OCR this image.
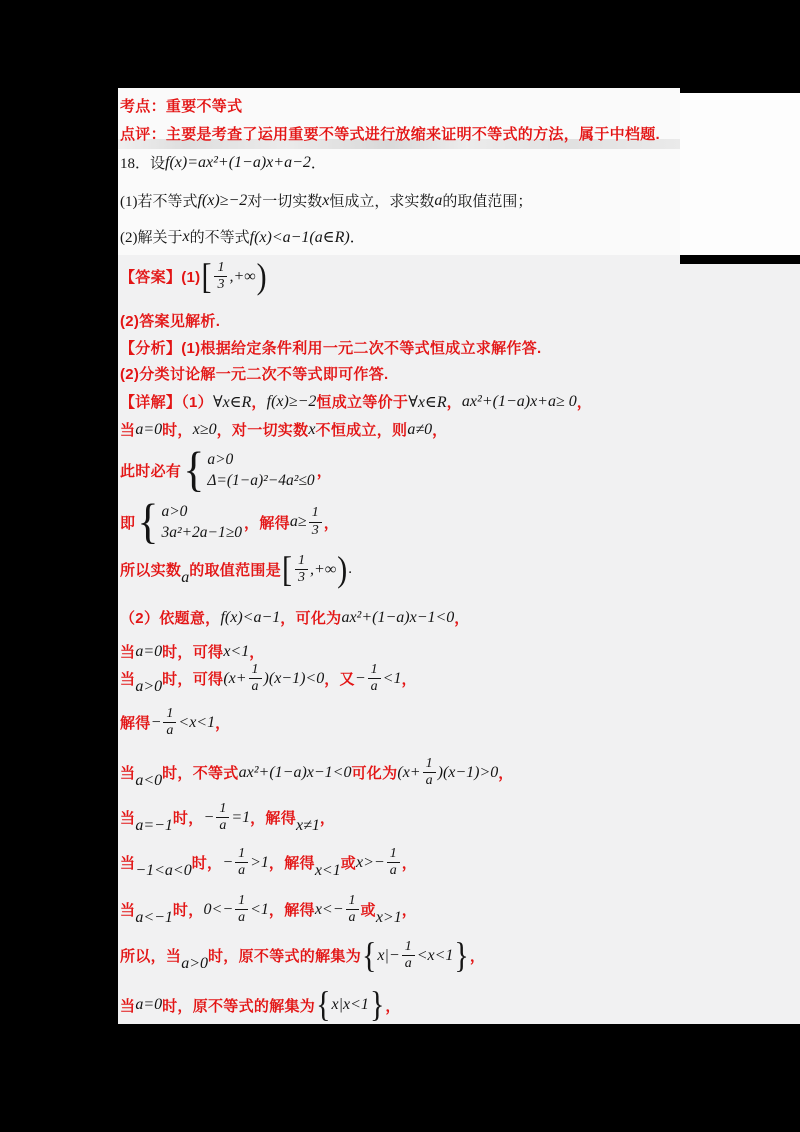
考点：重要不等式
点评：主要是考查了运用重要不等式进行放缩来证明不等式的方法，属于中档题.
18．设 f(x)=ax²+(1−a)x+a−2 ．
(1)若不等式 f(x)≥−2 对一切实数 x 恒成立，求实数 a 的取值范围；
(2)解关于 x 的不等式 f(x)<a−1(a∈R) ．
【答案】(1) [ $\frac{1}{3}$ ,+∞ )
(2)答案见解析.
【分析】(1)根据给定条件利用一元二次不等式恒成立求解作答.
(2)分类讨论解一元二次不等式即可作答.
【详解】（1） ∀x∈R ， f(x)≥−2 恒成立等价于 ∀x∈R ， ax²+(1−a)x+a≥ 0 ，
当 a=0 时， x≥0 ，对一切实数 x 不恒成立，则 a≠0 ，
此时必有 { a>0
Δ=(1−a)²−4a²≤0
，
即 { a>0
3a²+2a−1≥0
，解得 $a\ge \frac{1}{3}$ ，
所以实数 a 的取值范围是 [ $\frac{1}{3}$ ,+∞ ) .
（2）依题意， f(x)<a−1 ，可化为 ax²+(1−a)x−1<0 ，
当 a=0 时，可得 x<1 ，
当 a>0 时，可得 $(x+ \frac{1}{a} )(x-1)<0$ ，又 − $\frac{1}{a} <1$ ，
解得 − $\frac{1}{a} <x<1$ ，
当 a<0 时，不等式 ax²+(1−a)x−1<0 可化为 $(x+ \frac{1}{a} )(x-1)>0$ ，
当 a=−1 时， − $\frac{1}{a} =1$ ，解得 x≠1 ，
当 −1<a<0 时， − $\frac{1}{a} >1$ ，解得 x<1 或 $x>- \frac{1}{a}$ ，
当 a<−1 时， $0<- \frac{1}{a} <1$ ，解得 $x<- \frac{1}{a}$ 或 x>1 ，
所以，当 a>0 时，原不等式的解集为 { $x|- \frac{1}{a} <x<1$ } ，
当 a=0 时，原不等式的解集为 { x|x<1 } ，
